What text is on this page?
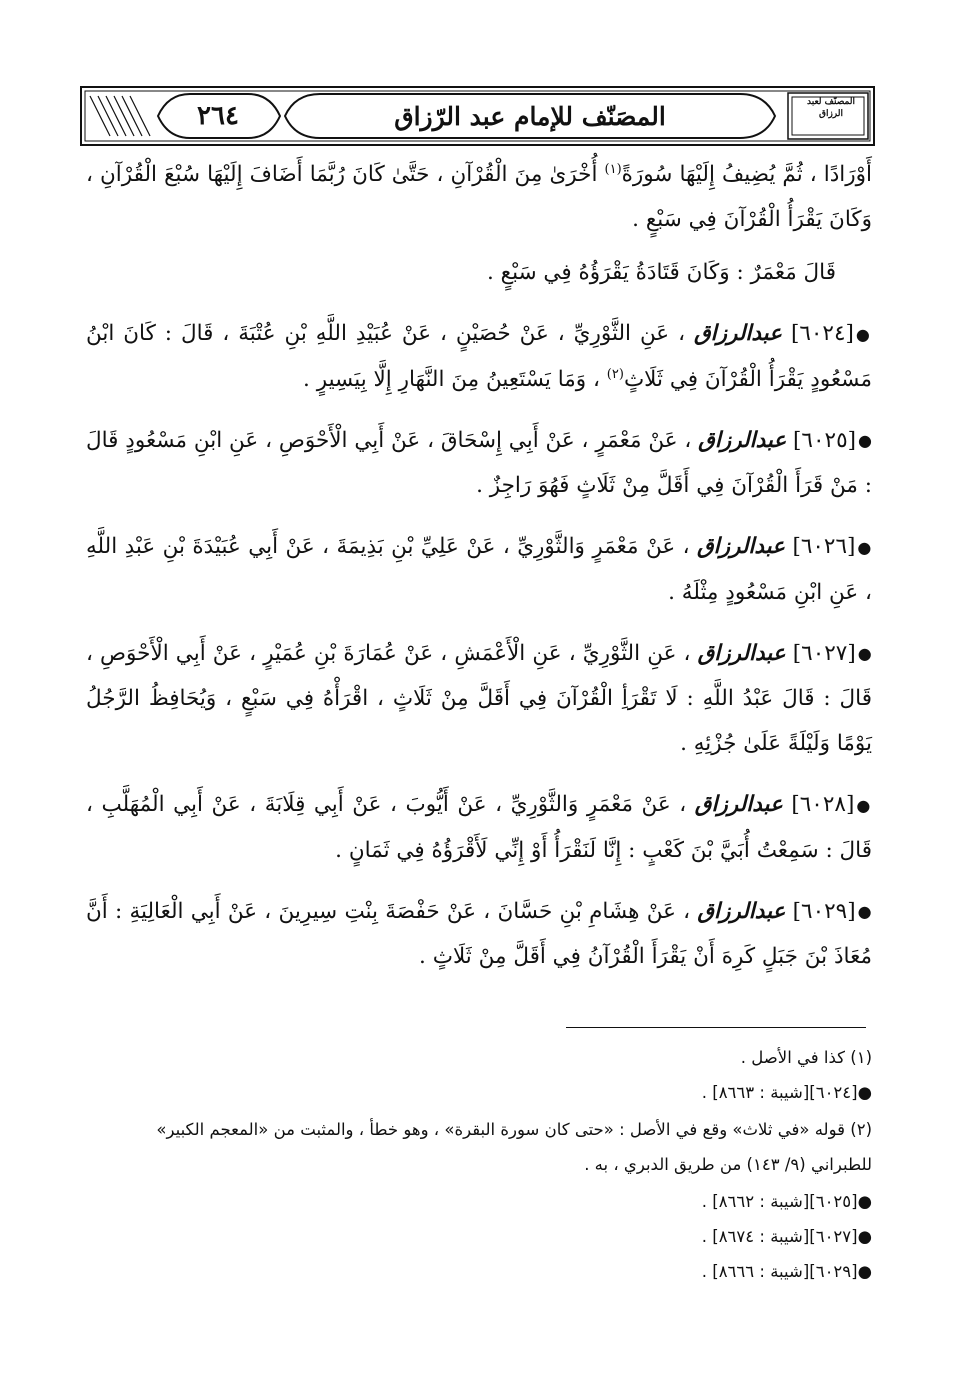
٢٦٤	المصَنّف للإمام عبد الرّزاق	المصنّف لعبد الرزاق

أَوْرَادًا ، ثُمَّ يُضِيفُ إِلَيْهَا سُورَةً$^{(١)}$ أُخْرَىٰ مِنَ الْقُرْآنِ ، حَتَّىٰ كَانَ رُبَّمَا أَضَافَ إِلَيْهَا سُبْعَ الْقُرْآنِ ، وَكَانَ يَقْرَأُ الْقُرْآنَ فِي سَبْعٍ .

قَالَ مَعْمَرٌ : وَكَانَ قَتَادَةُ يَقْرَؤُهُ فِي سَبْعٍ .

●[٦٠٢٤] عبدالرزاق ، عَنِ الثَّوْرِيِّ ، عَنْ حُصَيْنٍ ، عَنْ عُبَيْدِ اللَّهِ بْنِ عُتْبَةَ ، قَالَ : كَانَ ابْنُ مَسْعُودٍ يَقْرَأُ الْقُرْآنَ فِي ثَلَاثٍ$^{(٢)}$ ، وَمَا يَسْتَعِينُ مِنَ النَّهَارِ إِلَّا بِيَسِيرٍ .

●[٦٠٢٥] عبدالرزاق ، عَنْ مَعْمَرٍ ، عَنْ أَبِي إِسْحَاقَ ، عَنْ أَبِي الْأَحْوَصِ ، عَنِ ابْنِ مَسْعُودٍ قَالَ : مَنْ قَرَأَ الْقُرْآنَ فِي أَقَلَّ مِنْ ثَلَاثٍ فَهُوَ رَاجِزٌ .

●[٦٠٢٦] عبدالرزاق ، عَنْ مَعْمَرٍ وَالثَّوْرِيِّ ، عَنْ عَلِيِّ بْنِ بَذِيمَةَ ، عَنْ أَبِي عُبَيْدَةَ بْنِ عَبْدِ اللَّهِ ، عَنِ ابْنِ مَسْعُودٍ مِثْلَهُ .

●[٦٠٢٧] عبدالرزاق ، عَنِ الثَّوْرِيِّ ، عَنِ الْأَعْمَشِ ، عَنْ عُمَارَةَ بْنِ عُمَيْرٍ ، عَنْ أَبِي الْأَحْوَصِ ، قَالَ : قَالَ عَبْدُ اللَّهِ : لَا تَقْرَأِ الْقُرْآنَ فِي أَقَلَّ مِنْ ثَلَاثٍ ، اقْرَأْهُ فِي سَبْعٍ ، وَيُحَافِظُ الرَّجُلُ يَوْمًا وَلَيْلَةً عَلَىٰ جُزْئِهِ .

●[٦٠٢٨] عبدالرزاق ، عَنْ مَعْمَرٍ وَالثَّوْرِيِّ ، عَنْ أَيُّوبَ ، عَنْ أَبِي قِلَابَةَ ، عَنْ أَبِي الْمُهَلَّبِ ، قَالَ : سَمِعْتُ أُبَيَّ بْنَ كَعْبٍ : إِنَّا لَنَقْرَأُ أَوْ إِنِّي لَأَقْرَؤُهُ فِي ثَمَانٍ .

●[٦٠٢٩] عبدالرزاق ، عَنْ هِشَامِ بْنِ حَسَّانَ ، عَنْ حَفْصَةَ بِنْتِ سِيرِينَ ، عَنْ أَبِي الْعَالِيَةِ : أَنَّ مُعَاذَ بْنَ جَبَلٍ كَرِهَ أَنْ يَقْرَأَ الْقُرْآنُ فِي أَقَلَّ مِنْ ثَلَاثٍ .

(١) كذا في الأصل .
●[٦٠٢٤][شيبة : ٨٦٦٣] .
(٢) قوله «في ثلاث» وقع في الأصل : «حتى كان سورة البقرة» ، وهو خطأ ، والمثبت من «المعجم الكبير»
للطبراني (٩/ ١٤٣) من طريق الدبري ، به .
●[٦٠٢٥][شيبة : ٨٦٦٢] .
●[٦٠٢٧][شيبة : ٨٦٧٤] .
●[٦٠٢٩][شيبة : ٨٦٦٦] .
